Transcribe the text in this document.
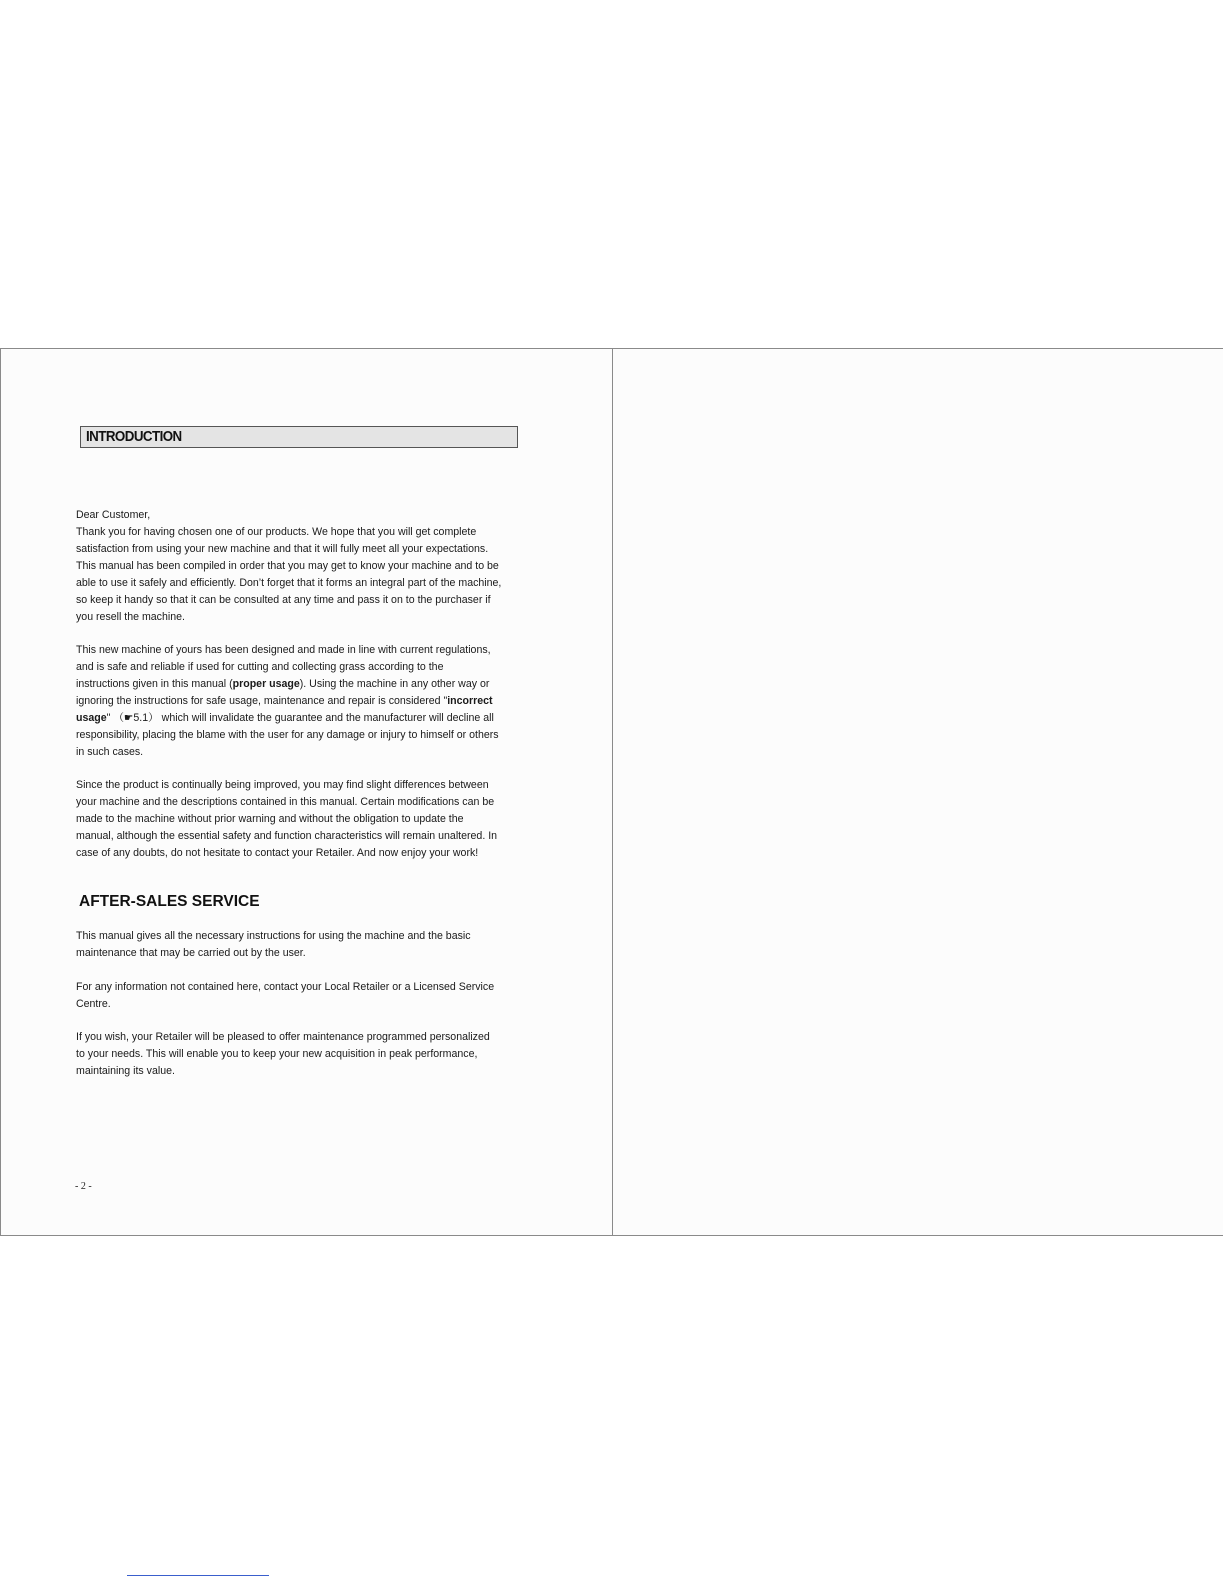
INTRODUCTION

Dear Customer,

Thank you for having chosen one of our products. We hope that you will get complete

satisfaction from using your new machine and that it will fully meet all your expectations.

This manual has been compiled in order that you may get to know your machine and to be

able to use it safely and efficiently. Don’t forget that it forms an integral part of the machine,

so keep it handy so that it can be consulted at any time and pass it on to the purchaser if

you resell the machine.

This new machine of yours has been designed and made in line with current regulations,

and is safe and reliable if used for cutting and collecting grass according to the

instructions given in this manual (proper usage). Using the machine in any other way or

ignoring the instructions for safe usage, maintenance and repair is considered "incorrect

usage" （☛5.1） which will invalidate the guarantee and the manufacturer will decline all

responsibility, placing the blame with the user for any damage or injury to himself or others

in such cases.

Since the product is continually being improved, you may find slight differences between

your machine and the descriptions contained in this manual. Certain modifications can be

made to the machine without prior warning and without the obligation to update the

manual, although the essential safety and function characteristics will remain unaltered. In

case of any doubts, do not hesitate to contact your Retailer. And now enjoy your work!

AFTER-SALES SERVICE

This manual gives all the necessary instructions for using the machine and the basic

maintenance that may be carried out by the user.

For any information not contained here, contact your Local Retailer or a Licensed Service

Centre.

If you wish, your Retailer will be pleased to offer maintenance programmed personalized

to your needs. This will enable you to keep your new acquisition in peak performance,

maintaining its value.

- 2 -
